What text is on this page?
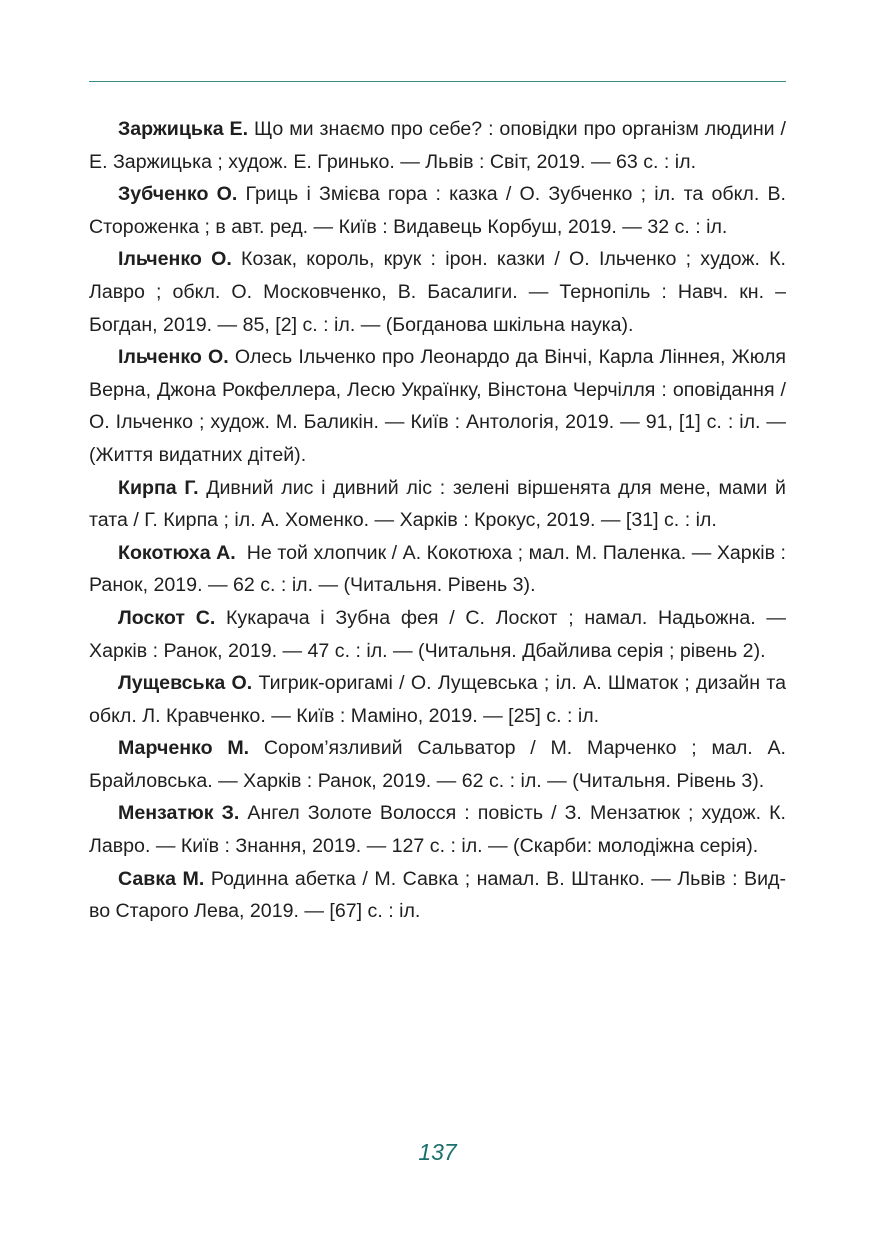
Заржицька Е. Що ми знаємо про себе? : оповідки про організм людини / Е. Заржицька ; худож. Е. Гринько. — Львів : Світ, 2019. — 63 с. : іл.

Зубченко О. Гриць і Змієва гора : казка / О. Зубченко ; іл. та обкл. В. Стороженка ; в авт. ред. — Київ : Видавець Корбуш, 2019. — 32 с. : іл.

Ільченко О. Козак, король, крук : ірон. казки / О. Ільченко ; худож. К. Лавро ; обкл. О. Московченко, В. Басалиги. — Тернопіль : Навч. кн. – Богдан, 2019. — 85, [2] с. : іл. — (Богданова шкільна наука).

Ільченко О. Олесь Ільченко про Леонардо да Вінчі, Карла Ліннея, Жюля Верна, Джона Рокфеллера, Лесю Українку, Вінстона Черчілля : оповідання / О. Ільченко ; худож. М. Баликін. — Київ : Антологія, 2019. — 91, [1] с. : іл. — (Життя видатних дітей).

Кирпа Г. Дивний лис і дивний ліс : зелені віршенята для мене, мами й тата / Г. Кирпа ; іл. А. Хоменко. — Харків : Крокус, 2019. — [31] с. : іл.

Кокотюха А.  Не той хлопчик / А. Кокотюха ; мал. М. Паленка. — Харків : Ранок, 2019. — 62 с. : іл. — (Читальня. Рівень 3).

Лоскот С. Кукарача і Зубна фея / С. Лоскот ; намал. Надьожна. — Харків : Ранок, 2019. — 47 с. : іл. — (Читальня. Дбайлива серія ; рівень 2).

Лущевська О. Тигрик-оригамі / О. Лущевська ; іл. А. Шматок ; дизайн та обкл. Л. Кравченко. — Київ : Маміно, 2019. — [25] с. : іл.

Марченко М. Сором’язливий Сальватор / М. Марченко ; мал. А. Брайловська. — Харків : Ранок, 2019. — 62 с. : іл. — (Читальня. Рівень 3).

Мензатюк З. Ангел Золоте Волосся : повість / З. Мензатюк ; худож. К. Лавро. — Київ : Знання, 2019. — 127 с. : іл. — (Скарби: молодіжна серія).

Савка М. Родинна абетка / М. Савка ; намал. В. Штанко. — Львів : Вид-во Старого Лева, 2019. — [67] с. : іл.

137
